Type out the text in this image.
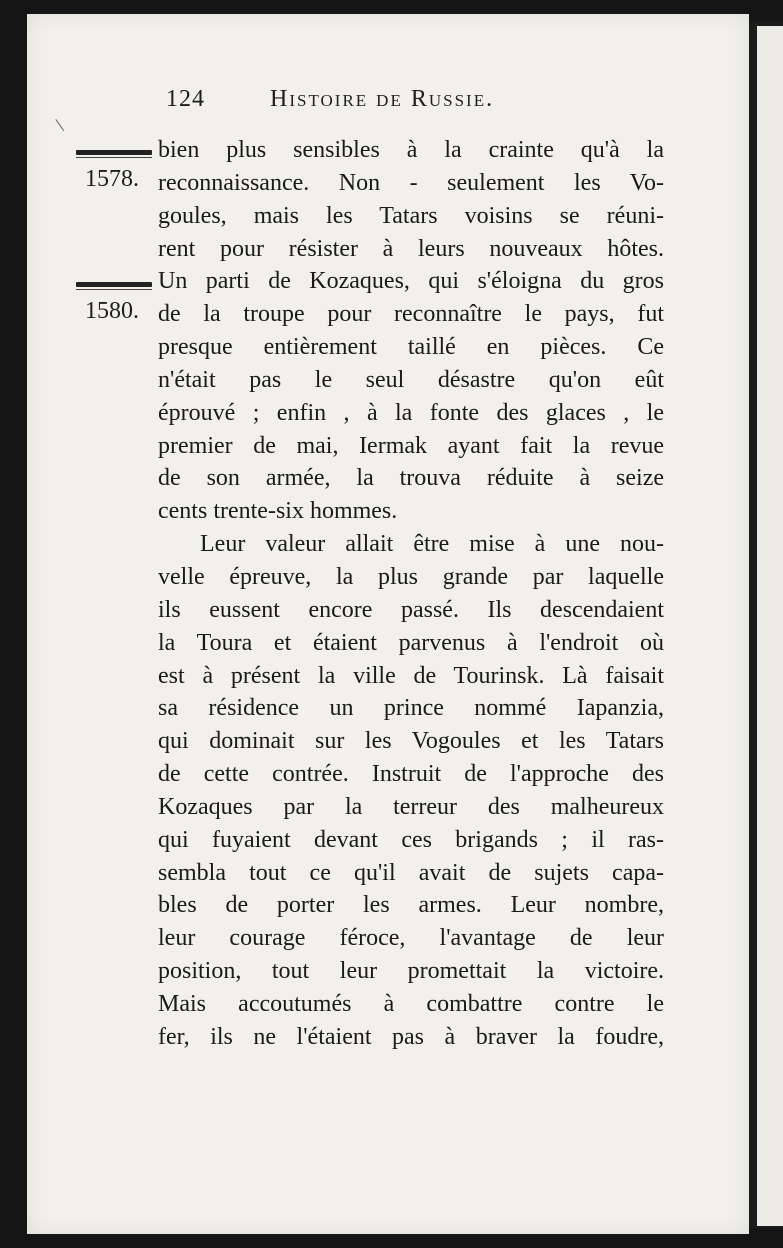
124	Histoire de Russie.
1578.
1580.
bien plus sensibles à la crainte qu'à la
reconnaissance. Non - seulement les Vo-
goules, mais les Tatars voisins se réuni-
rent pour résister à leurs nouveaux hôtes.
Un parti de Kozaques, qui s'éloigna du gros
de la troupe pour reconnaître le pays, fut
presque entièrement taillé en pièces. Ce
n'était pas le seul désastre qu'on eût
éprouvé ; enfin , à la fonte des glaces , le
premier de mai, Iermak ayant fait la revue
de son armée, la trouva réduite à seize
cents trente-six hommes.
Leur valeur allait être mise à une nou-
velle épreuve, la plus grande par laquelle
ils eussent encore passé. Ils descendaient
la Toura et étaient parvenus à l'endroit où
est à présent la ville de Tourinsk. Là faisait
sa résidence un prince nommé Iapanzia,
qui dominait sur les Vogoules et les Tatars
de cette contrée. Instruit de l'approche des
Kozaques par la terreur des malheureux
qui fuyaient devant ces brigands ; il ras-
sembla tout ce qu'il avait de sujets capa-
bles de porter les armes. Leur nombre,
leur courage féroce, l'avantage de leur
position, tout leur promettait la victoire.
Mais accoutumés à combattre contre le
fer, ils ne l'étaient pas à braver la foudre,
